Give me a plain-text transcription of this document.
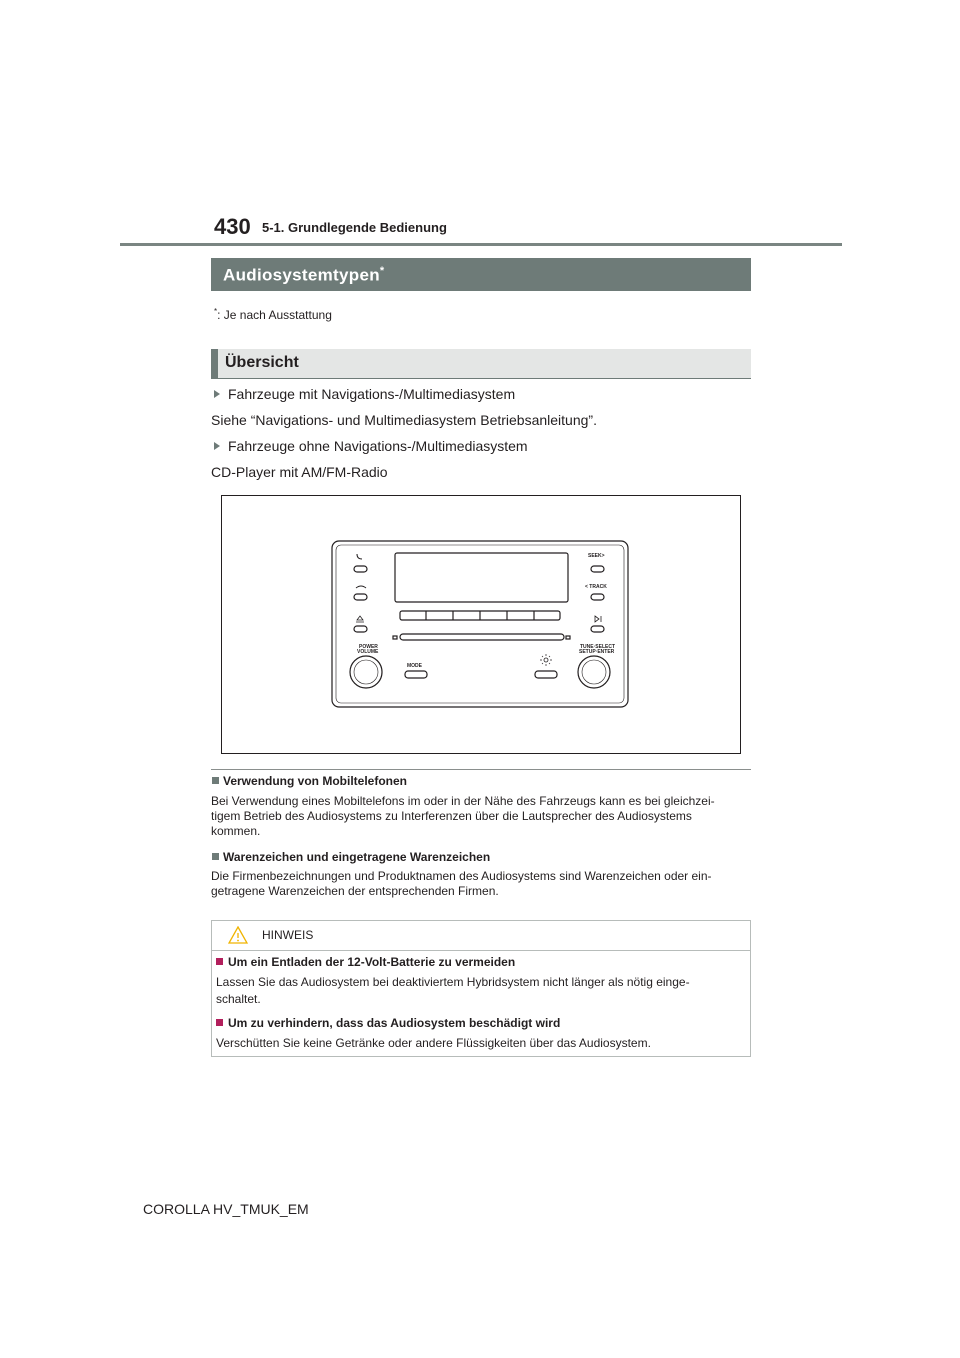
430 5-1. Grundlegende Bedienung
Audiosystemtypen*
*: Je nach Ausstattung
Übersicht
Fahrzeuge mit Navigations-/Multimediasystem
Siehe “Navigations- und Multimediasystem Betriebsanleitung”.
Fahrzeuge ohne Navigations-/Multimediasystem
CD-Player mit AM/FM-Radio
SEEK>
< TRACK
POWER
VOLUME
MODE
TUNE·SELECT
SETUP·ENTER
Verwendung von Mobiltelefonen
Bei Verwendung eines Mobiltelefons im oder in der Nähe des Fahrzeugs kann es bei gleichzei-
tigem Betrieb des Audiosystems zu Interferenzen über die Lautsprecher des Audiosystems
kommen.
Warenzeichen und eingetragene Warenzeichen
Die Firmenbezeichnungen und Produktnamen des Audiosystems sind Warenzeichen oder ein-
getragene Warenzeichen der entsprechenden Firmen.
HINWEIS
Um ein Entladen der 12-Volt-Batterie zu vermeiden
Lassen Sie das Audiosystem bei deaktiviertem Hybridsystem nicht länger als nötig einge-
schaltet.
Um zu verhindern, dass das Audiosystem beschädigt wird
Verschütten Sie keine Getränke oder andere Flüssigkeiten über das Audiosystem.
COROLLA HV_TMUK_EM
